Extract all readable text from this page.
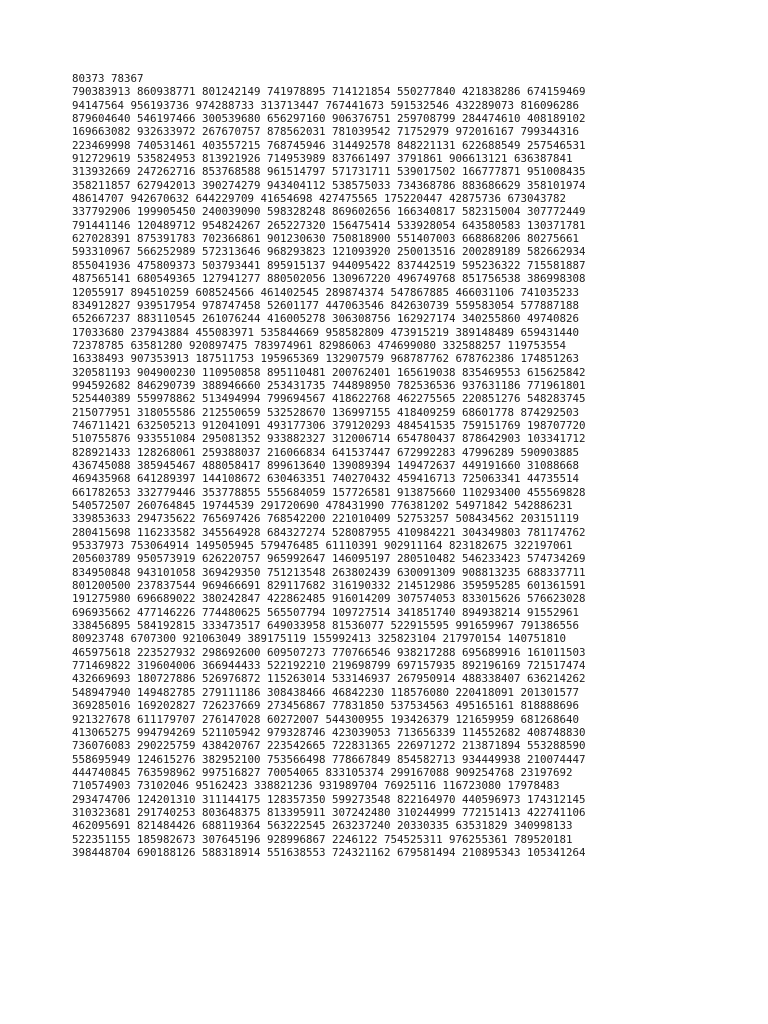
80373 78367
790383913 860938771 801242149 741978895 714121854 550277840 421838286 674159469
94147564 956193736 974288733 313713447 767441673 591532546 432289073 816096286
879604640 546197466 300539680 656297160 906376751 259708799 284474610 408189102
169663082 932633972 267670757 878562031 781039542 71752979 972016167 799344316
223469998 740531461 403557215 768745946 314492578 848221131 622688549 257546531
912729619 535824953 813921926 714953989 837661497 3791861 906613121 636387841
313932669 247262716 853768588 961514797 571731711 539017502 166777871 951008435
358211857 627942013 390274279 943404112 538575033 734368786 883686629 358101974
48614707 942670632 644229709 41654698 427475565 175220447 42875736 673043782
337792906 199905450 240039090 598328248 869602656 166340817 582315004 307772449
791441146 120489712 954824267 265227320 156475414 533928054 643580583 130371781
627028391 875391783 702366861 901230630 750818900 551407003 668868206 80275661
593310967 566252989 572313646 968293823 121093920 250013516 200289189 582662934
855041936 475809373 503793441 895915137 944095422 837442519 595236322 715581887
487565141 680549365 127941277 880502056 130967220 496749768 851756538 386998308
12055917 894510259 608524566 461402545 289874374 547867885 466031106 741035233
834912827 939517954 978747458 52601177 447063546 842630739 559583054 577887188
652667237 883110545 261076244 416005278 306308756 162927174 340255860 49740826
17033680 237943884 455083971 535844669 958582809 473915219 389148489 659431440
72378785 63581280 920897475 783974961 82986063 474699080 332588257 119753554
16338493 907353913 187511753 195965369 132907579 968787762 678762386 174851263
320581193 904900230 110950858 895110481 200762401 165619038 835469553 615625842
994592682 846290739 388946660 253431735 744898950 782536536 937631186 771961801
525440389 559978862 513494994 799694567 418622768 462275565 220851276 548283745
215077951 318055586 212550659 532528670 136997155 418409259 68601778 874292503
746711421 632505213 912041091 493177306 379120293 484541535 759151769 198707720
510755876 933551084 295081352 933882327 312006714 654780437 878642903 103341712
828921433 128268061 259388037 216066834 641537447 672992283 47996289 590903885
436745088 385945467 488058417 899613640 139089394 149472637 449191660 31088668
469435968 641289397 144108672 630463351 740270432 459416713 725063341 44735514
661782653 332779446 353778855 555684059 157726581 913875660 110293400 455569828
540572507 260764845 19744539 291720690 478431990 776381202 54971842 542886231
339853633 294735622 765697426 768542200 221010409 52753257 508434562 203151119
280415698 116233582 345564928 684327274 528087955 410984221 304349803 781174762
95337973 753064914 149505945 579476485 61110391 902911164 823182675 322197061
205603789 950573919 626220757 965992647 146095197 280510482 546233423 574734269
834950848 943101058 369429350 751213548 263802439 630091309 908813235 688337711
801200500 237837544 969466691 829117682 316190332 214512986 359595285 601361591
191275980 696689022 380242847 422862485 916014209 307574053 833015626 576623028
696935662 477146226 774480625 565507794 109727514 341851740 894938214 91552961
338456895 584192815 333473517 649033958 81536077 522915595 991659967 791386556
80923748 6707300 921063049 389175119 155992413 325823104 217970154 140751810
465975618 223527932 298692600 609507273 770766546 938217288 695689916 161011503
771469822 319604006 366944433 522192210 219698799 697157935 892196169 721517474
432669693 180727886 526976872 115263014 533146937 267950914 488338407 636214262
548947940 149482785 279111186 308438466 46842230 118576080 220418091 201301577
369285016 169202827 726237669 273456867 77831850 537534563 495165161 818888696
921327678 611179707 276147028 60272007 544300955 193426379 121659959 681268640
413065275 994794269 521105942 979328746 423039053 713656339 114552682 408748830
736076083 290225759 438420767 223542665 722831365 226971272 213871894 553288590
558695949 124615276 382952100 753566498 778667849 854582713 934449938 210074447
444740845 763598962 997516827 70054065 833105374 299167088 909254768 23197692
710574903 73102046 95162423 338821236 931989704 76925116 116723080 17978483
293474706 124201310 311144175 128357350 599273548 822164970 440596973 174312145
310323681 291740253 803648375 813395911 307242480 310244999 772151413 422741106
462095691 821484426 688119364 563222545 263237240 20330335 63531829 340998133
522351155 185982673 307645196 928996867 2246122 754525311 976255361 789520181
398448704 690188126 588318914 551638553 724321162 679581494 210895343 105341264
